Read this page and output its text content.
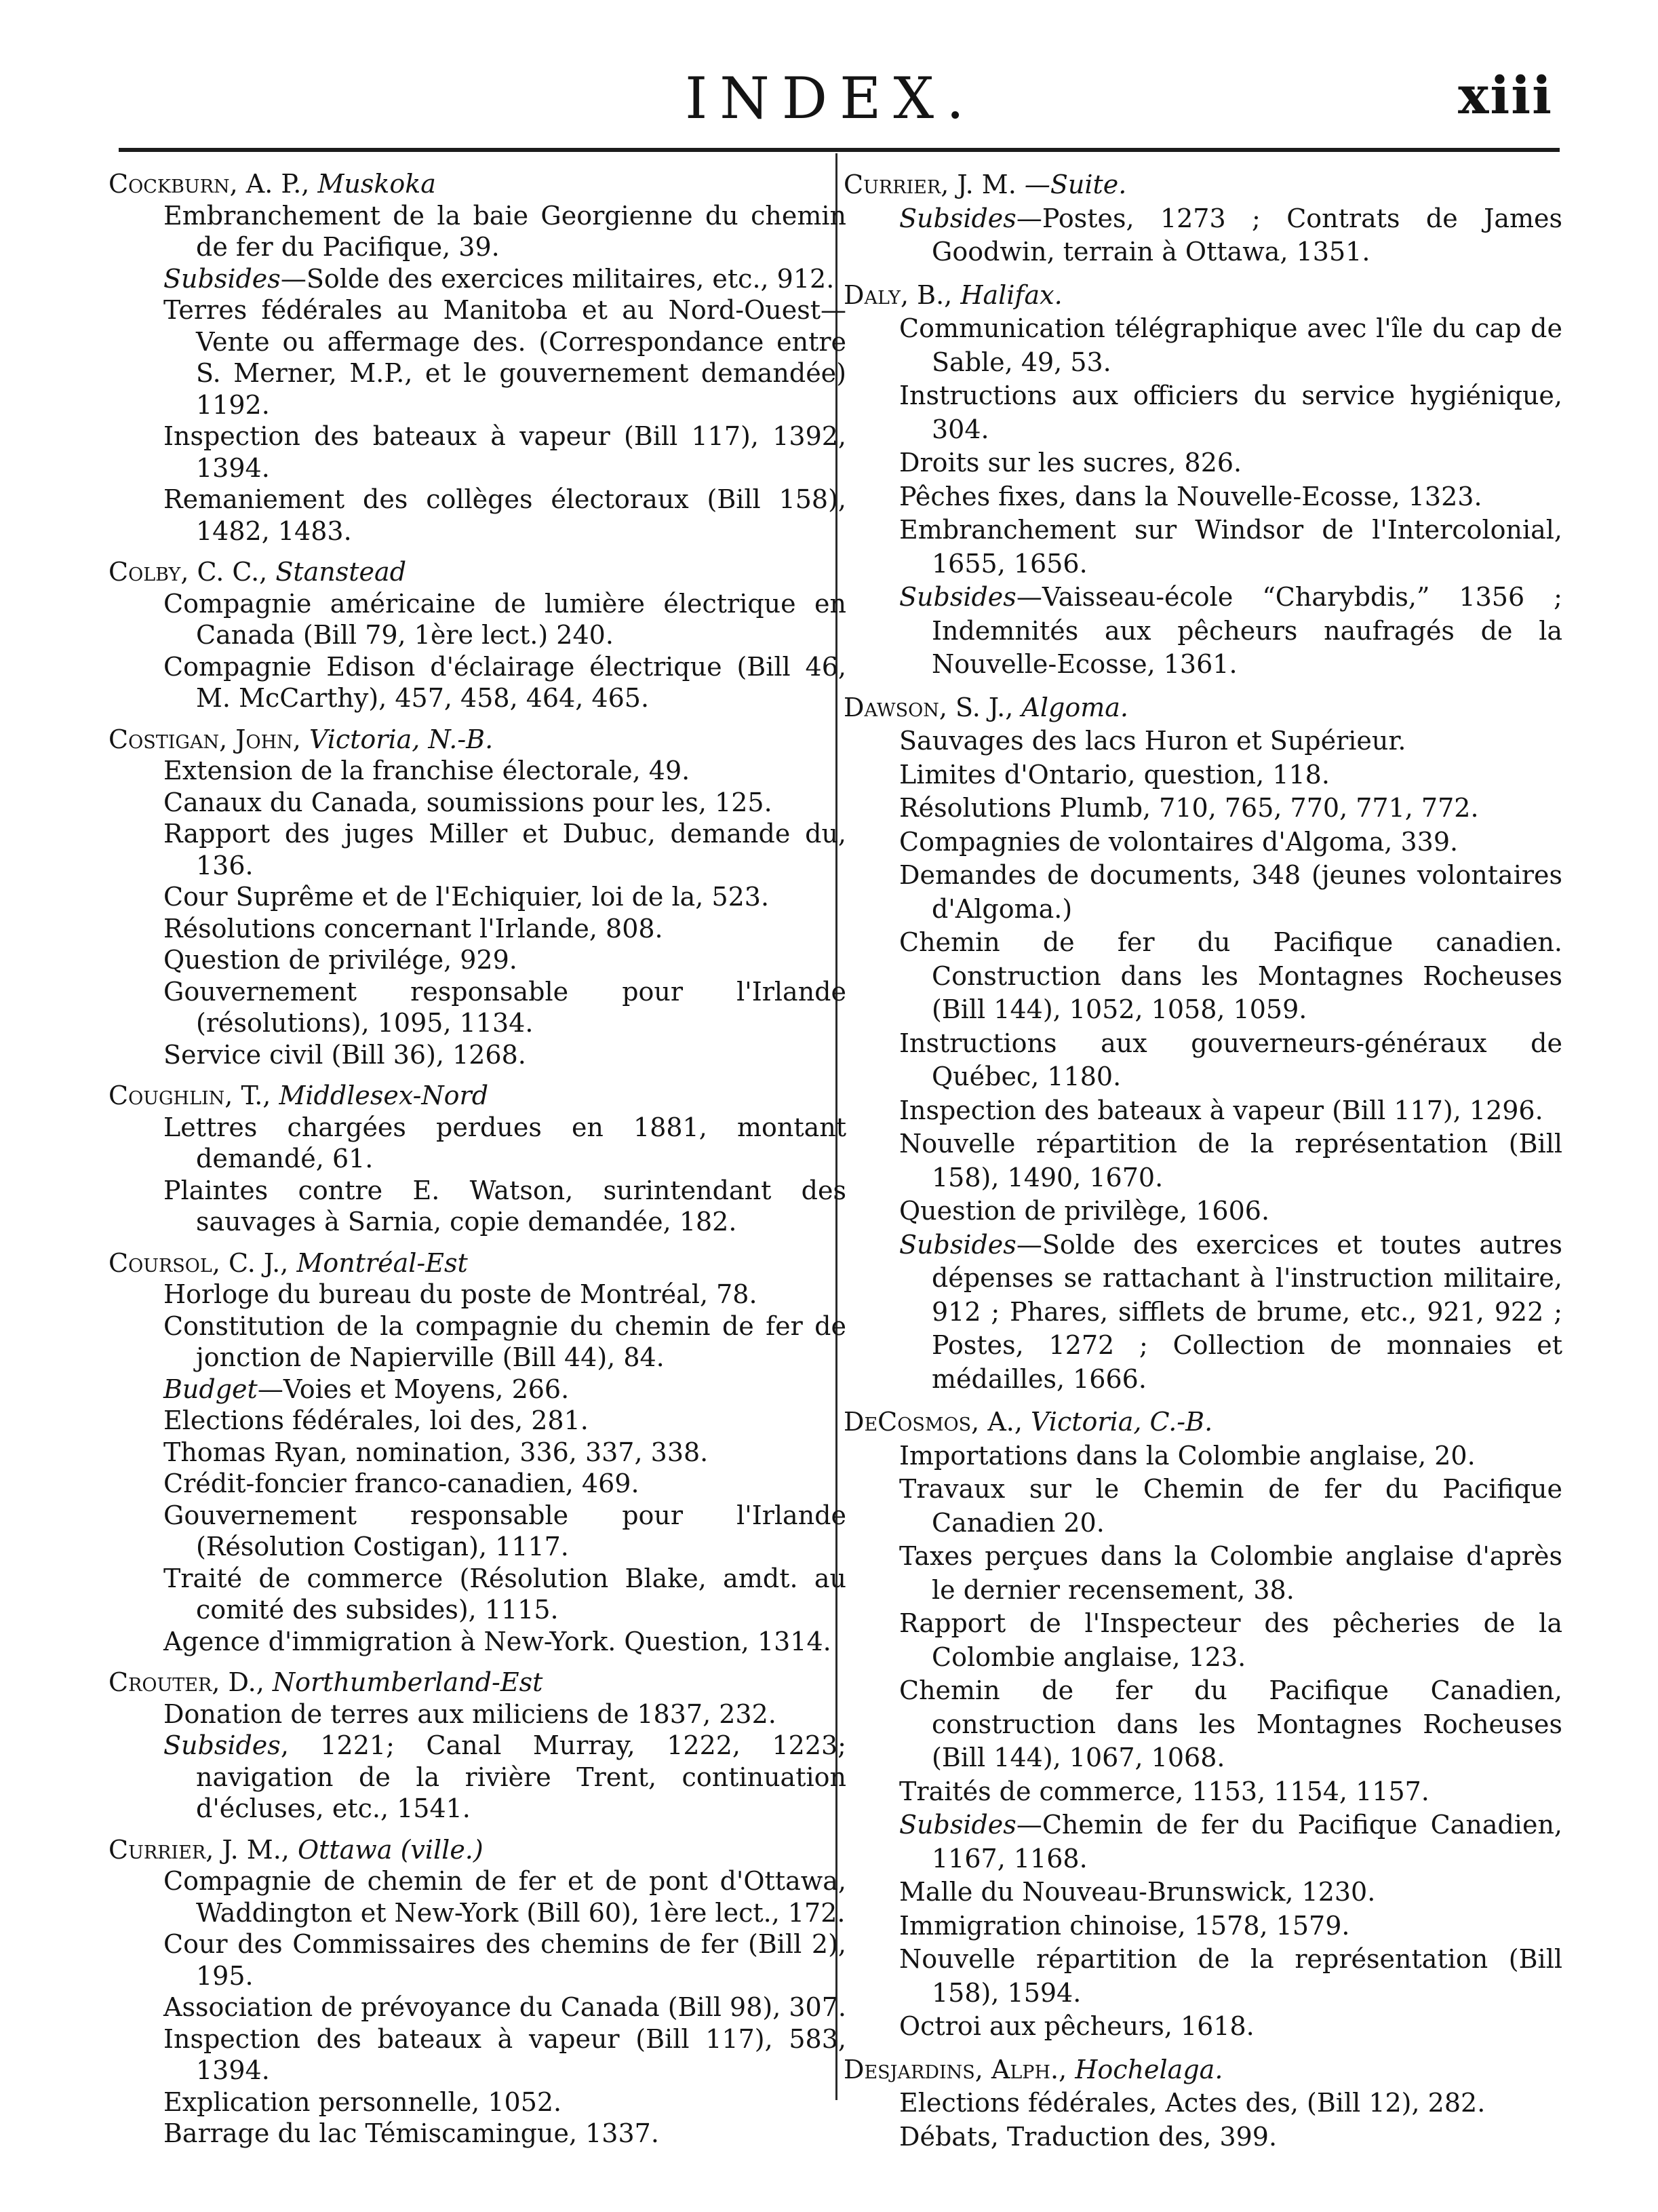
INDEX.	xiii
Cockburn, A. P., Muskoka
Embranchement de la baie Georgienne du chemin de fer du Pacifique, 39.
Subsides—Solde des exercices militaires, etc., 912.
Terres fédérales au Manitoba et au Nord-Ouest—Vente ou affermage des. (Correspondance entre S. Merner, M.P., et le gouvernement demandée) 1192.
Inspection des bateaux à vapeur (Bill 117), 1392, 1394.
Remaniement des collèges électoraux (Bill 158), 1482, 1483.
Colby, C. C., Stanstead
Compagnie américaine de lumière électrique en Canada (Bill 79, 1ère lect.) 240.
Compagnie Edison d'éclairage électrique (Bill 46, M. McCarthy), 457, 458, 464, 465.
Costigan, John, Victoria, N.-B.
Extension de la franchise électorale, 49.
Canaux du Canada, soumissions pour les, 125.
Rapport des juges Miller et Dubuc, demande du, 136.
Cour Suprême et de l'Echiquier, loi de la, 523.
Résolutions concernant l'Irlande, 808.
Question de privilége, 929.
Gouvernement responsable pour l'Irlande (résolutions), 1095, 1134.
Service civil (Bill 36), 1268.
Coughlin, T., Middlesex-Nord
Lettres chargées perdues en 1881, montant demandé, 61.
Plaintes contre E. Watson, surintendant des sauvages à Sarnia, copie demandée, 182.
Coursol, C. J., Montréal-Est
Horloge du bureau du poste de Montréal, 78.
Constitution de la compagnie du chemin de fer de jonction de Napierville (Bill 44), 84.
Budget—Voies et Moyens, 266.
Elections fédérales, loi des, 281.
Thomas Ryan, nomination, 336, 337, 338.
Crédit-foncier franco-canadien, 469.
Gouvernement responsable pour l'Irlande (Résolution Costigan), 1117.
Traité de commerce (Résolution Blake, amdt. au comité des subsides), 1115.
Agence d'immigration à New-York. Question, 1314.
Crouter, D., Northumberland-Est
Donation de terres aux miliciens de 1837, 232.
Subsides, 1221; Canal Murray, 1222, 1223; navigation de la rivière Trent, continuation d'écluses, etc., 1541.
Currier, J. M., Ottawa (ville.)
Compagnie de chemin de fer et de pont d'Ottawa, Waddington et New-York (Bill 60), 1ère lect., 172.
Cour des Commissaires des chemins de fer (Bill 2), 195.
Association de prévoyance du Canada (Bill 98), 307.
Inspection des bateaux à vapeur (Bill 117), 583, 1394.
Explication personnelle, 1052.
Barrage du lac Témiscamingue, 1337.
Currier, J. M. —Suite.
Subsides—Postes, 1273 ; Contrats de James Goodwin, terrain à Ottawa, 1351.
Daly, B., Halifax.
Communication télégraphique avec l'île du cap de Sable, 49, 53.
Instructions aux officiers du service hygiénique, 304.
Droits sur les sucres, 826.
Pêches fixes, dans la Nouvelle-Ecosse, 1323.
Embranchement sur Windsor de l'Intercolonial, 1655, 1656.
Subsides—Vaisseau-école “Charybdis,” 1356 ; Indemnités aux pêcheurs naufragés de la Nouvelle-Ecosse, 1361.
Dawson, S. J., Algoma.
Sauvages des lacs Huron et Supérieur.
Limites d'Ontario, question, 118.
Résolutions Plumb, 710, 765, 770, 771, 772.
Compagnies de volontaires d'Algoma, 339.
Demandes de documents, 348 (jeunes volontaires d'Algoma.)
Chemin de fer du Pacifique canadien. Construction dans les Montagnes Rocheuses (Bill 144), 1052, 1058, 1059.
Instructions aux gouverneurs-généraux de Québec, 1180.
Inspection des bateaux à vapeur (Bill 117), 1296.
Nouvelle répartition de la représentation (Bill 158), 1490, 1670.
Question de privilège, 1606.
Subsides—Solde des exercices et toutes autres dépenses se rattachant à l'instruction militaire, 912 ; Phares, sifflets de brume, etc., 921, 922 ; Postes, 1272 ; Collection de monnaies et médailles, 1666.
DeCosmos, A., Victoria, C.-B.
Importations dans la Colombie anglaise, 20.
Travaux sur le Chemin de fer du Pacifique Canadien 20.
Taxes perçues dans la Colombie anglaise d'après le dernier recensement, 38.
Rapport de l'Inspecteur des pêcheries de la Colombie anglaise, 123.
Chemin de fer du Pacifique Canadien, construction dans les Montagnes Rocheuses (Bill 144), 1067, 1068.
Traités de commerce, 1153, 1154, 1157.
Subsides—Chemin de fer du Pacifique Canadien, 1167, 1168.
Malle du Nouveau-Brunswick, 1230.
Immigration chinoise, 1578, 1579.
Nouvelle répartition de la représentation (Bill 158), 1594.
Octroi aux pêcheurs, 1618.
Desjardins, Alph., Hochelaga.
Elections fédérales, Actes des, (Bill 12), 282.
Débats, Traduction des, 399.
